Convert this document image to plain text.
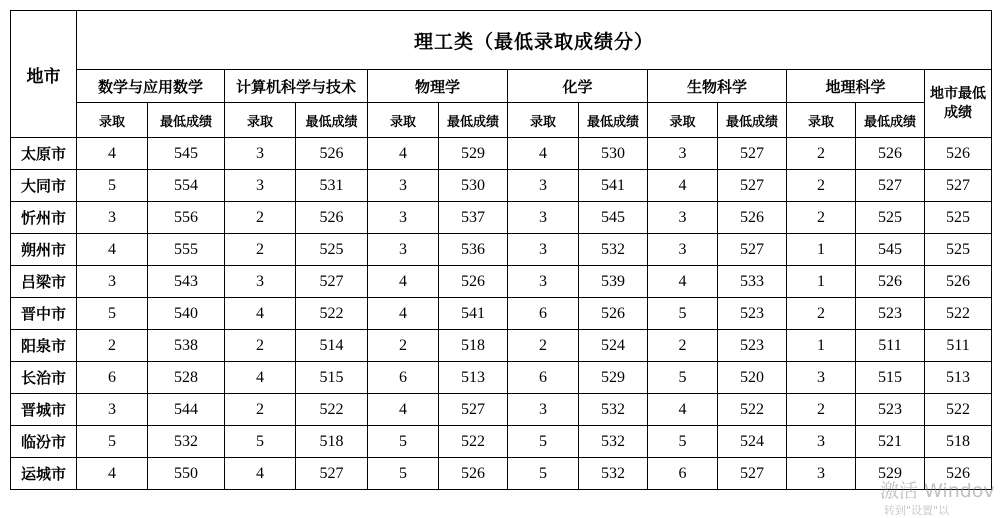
地市	理工类（最低录取成绩分）												
	数学与应用数学		计算机科学与技术		物理学		化学		生物科学		地理科学		地市最低成绩
	录取	最低成绩	录取	最低成绩	录取	最低成绩	录取	最低成绩	录取	最低成绩	录取	最低成绩	
太原市	4	545	3	526	4	529	4	530	3	527	2	526	526
大同市	5	554	3	531	3	530	3	541	4	527	2	527	527
忻州市	3	556	2	526	3	537	3	545	3	526	2	525	525
朔州市	4	555	2	525	3	536	3	532	3	527	1	545	525
吕梁市	3	543	3	527	4	526	3	539	4	533	1	526	526
晋中市	5	540	4	522	4	541	6	526	5	523	2	523	522
阳泉市	2	538	2	514	2	518	2	524	2	523	1	511	511
长治市	6	528	4	515	6	513	6	529	5	520	3	515	513
晋城市	3	544	2	522	4	527	3	532	4	522	2	523	522
临汾市	5	532	5	518	5	522	5	532	5	524	3	521	518
运城市	4	550	4	527	5	526	5	532	6	527	3	529	526
激活 Windov
转到"设置"以
